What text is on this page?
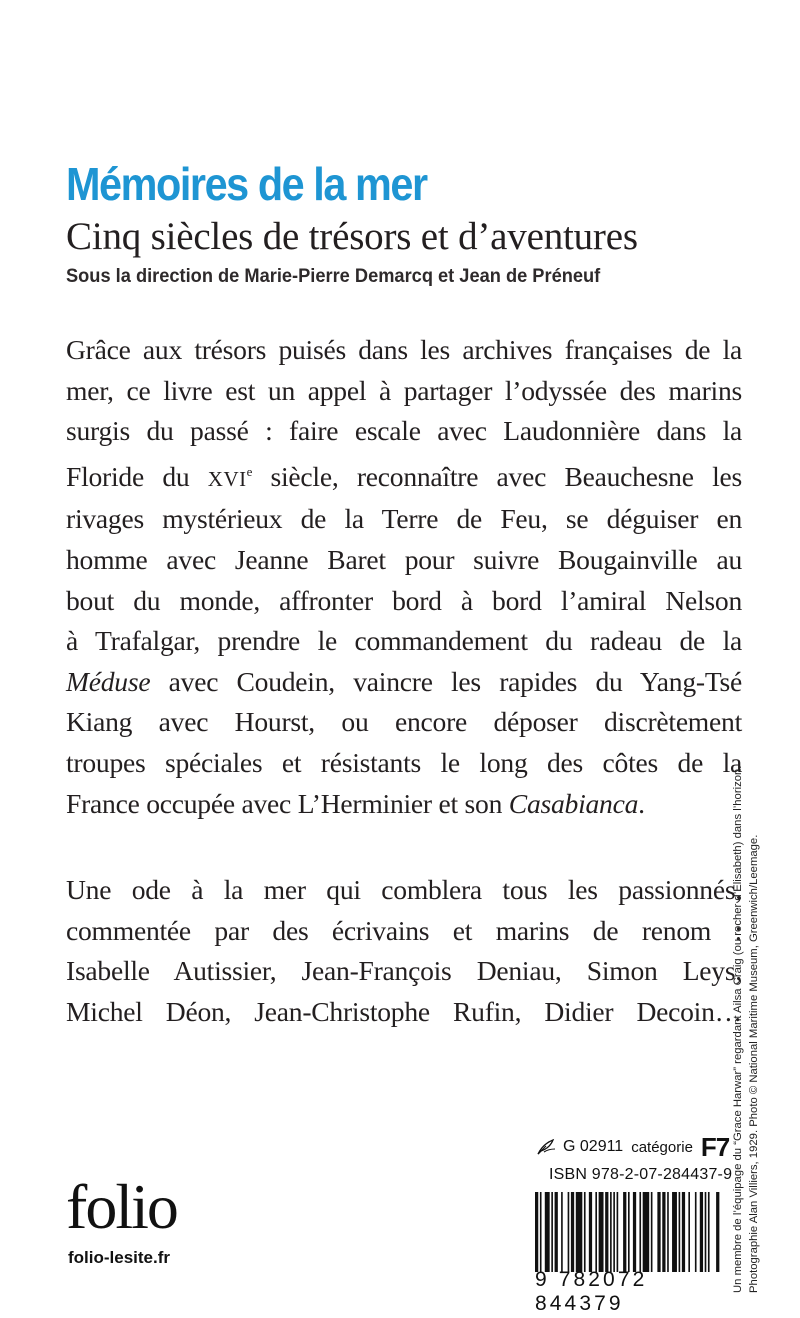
Mémoires de la mer
Cinq siècles de trésors et d’aventures
Sous la direction de Marie-Pierre Demarcq et Jean de Préneuf
Grâce aux trésors puisés dans les archives françaises de la
mer, ce livre est un appel à partager l’odyssée des marins
surgis du passé : faire escale avec Laudonnière dans la
Floride du XVIe siècle, reconnaître avec Beauchesne les
rivages mystérieux de la Terre de Feu, se déguiser en
homme avec Jeanne Baret pour suivre Bougainville au
bout du monde, affronter bord à bord l’amiral Nelson
à Trafalgar, prendre le commandement du radeau de la
Méduse avec Coudein, vaincre les rapides du Yang-Tsé
Kiang avec Hourst, ou encore déposer discrètement
troupes spéciales et résistants le long des côtes de la
France occupée avec L’Herminier et son Casabianca.
Une ode à la mer qui comblera tous les passionnés,
commentée par des écrivains et marins de renom :
Isabelle Autissier, Jean-François Deniau, Simon Leys,
Michel Déon, Jean-Christophe Rufin, Didier Decoin…
G 02911 catégorie F7
ISBN 978-2-07-284437-9
9 782072 844379
folio
folio-lesite.fr	Un membre de l’équipage du “Grace Harwar” regardant Ailsa Craig (ou rocher d’Elisabeth) dans l’horizon. Photographie Alan Villiers, 1929. Photo © National Maritime Museum, Greenwich/Leemage.
